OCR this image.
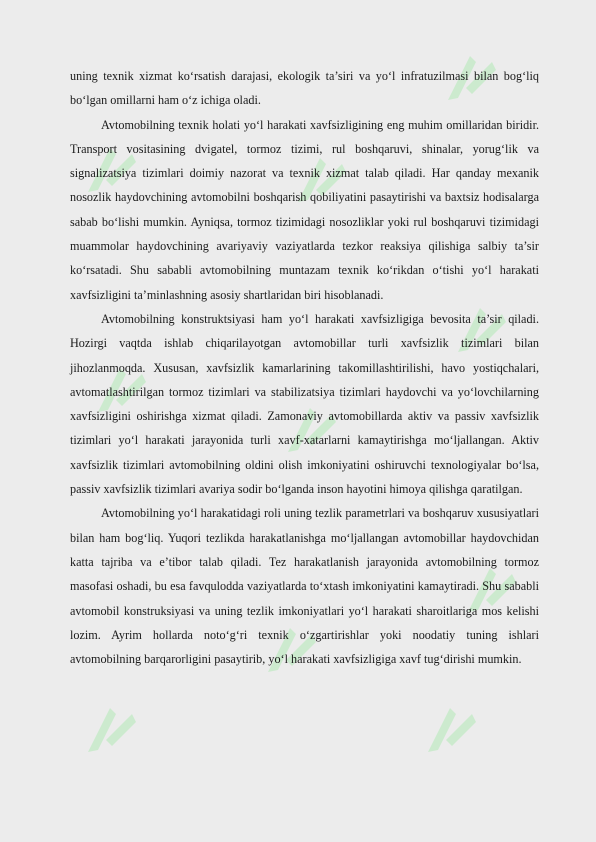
uning texnik xizmat ko‘rsatish darajasi, ekologik ta’siri va yo‘l infratuzilmasi bilan bog‘liq bo‘lgan omillarni ham o‘z ichiga oladi.

Avtomobilning texnik holati yo‘l harakati xavfsizligining eng muhim omillaridan biridir. Transport vositasining dvigatel, tormoz tizimi, rul boshqaruvi, shinalar, yorug‘lik va signalizatsiya tizimlari doimiy nazorat va texnik xizmat talab qiladi. Har qanday mexanik nosozlik haydovchining avtomobilni boshqarish qobiliyatini pasaytirishi va baxtsiz hodisalarga sabab bo‘lishi mumkin. Ayniqsa, tormoz tizimidagi nosozliklar yoki rul boshqaruvi tizimidagi muammolar haydovchining avariyaviy vaziyatlarda tezkor reaksiya qilishiga salbiy ta’sir ko‘rsatadi. Shu sababli avtomobilning muntazam texnik ko‘rikdan o‘tishi yo‘l harakati xavfsizligini ta’minlashning asosiy shartlaridan biri hisoblanadi.

Avtomobilning konstruktsiyasi ham yo‘l harakati xavfsizligiga bevosita ta’sir qiladi. Hozirgi vaqtda ishlab chiqarilayotgan avtomobillar turli xavfsizlik tizimlari bilan jihozlanmoqda. Xususan, xavfsizlik kamarlarining takomillashtirilishi, havo yostiqchalari, avtomatlashtirilgan tormoz tizimlari va stabilizatsiya tizimlari haydovchi va yo‘lovchilarning xavfsizligini oshirishga xizmat qiladi. Zamonaviy avtomobillarda aktiv va passiv xavfsizlik tizimlari yo‘l harakati jarayonida turli xavf-xatarlarni kamaytirishga mo‘ljallangan. Aktiv xavfsizlik tizimlari avtomobilning oldini olish imkoniyatini oshiruvchi texnologiyalar bo‘lsa, passiv xavfsizlik tizimlari avariya sodir bo‘lganda inson hayotini himoya qilishga qaratilgan.

Avtomobilning yo‘l harakatidagi roli uning tezlik parametrlari va boshqaruv xususiyatlari bilan ham bog‘liq. Yuqori tezlikda harakatlanishga mo‘ljallangan avtomobillar haydovchidan katta tajriba va e’tibor talab qiladi. Tez harakatlanish jarayonida avtomobilning tormoz masofasi oshadi, bu esa favqulodda vaziyatlarda to‘xtash imkoniyatini kamaytiradi. Shu sababli avtomobil konstruksiyasi va uning tezlik imkoniyatlari yo‘l harakati sharoitlariga mos kelishi lozim. Ayrim hollarda noto‘g‘ri texnik o‘zgartirishlar yoki noodatiy tuning ishlari avtomobilning barqarorligini pasaytirib, yo‘l harakati xavfsizligiga xavf tug‘dirishi mumkin.
